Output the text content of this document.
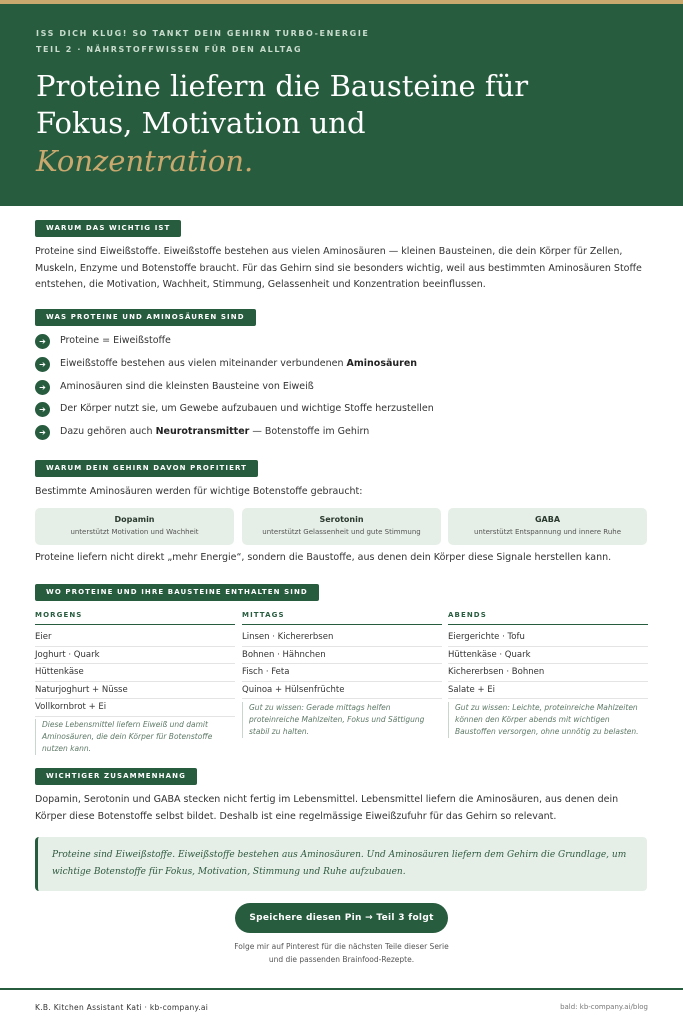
ISS DICH KLUG! SO TANKT DEIN GEHIRN TURBO-ENERGIE
TEIL 2 · NÄHRSTOFFWISSEN FÜR DEN ALLTAG
Proteine liefern die Bausteine für
Fokus, Motivation und
Konzentration.
WARUM DAS WICHTIG IST
Proteine sind Eiweißstoffe. Eiweißstoffe bestehen aus vielen Aminosäuren — kleinen Bausteinen, die dein Körper für Zellen, Muskeln, Enzyme und Botenstoffe braucht. Für das Gehirn sind sie besonders wichtig, weil aus bestimmten Aminosäuren Stoffe entstehen, die Motivation, Wachheit, Stimmung, Gelassenheit und Konzentration beeinflussen.
WAS PROTEINE UND AMINOSÄUREN SIND
➔	Proteine = Eiweißstoffe
➔	Eiweißstoffe bestehen aus vielen miteinander verbundenen Aminosäuren
➔	Aminosäuren sind die kleinsten Bausteine von Eiweiß
➔	Der Körper nutzt sie, um Gewebe aufzubauen und wichtige Stoffe herzustellen
➔	Dazu gehören auch Neurotransmitter — Botenstoffe im Gehirn
WARUM DEIN GEHIRN DAVON PROFITIERT
Bestimmte Aminosäuren werden für wichtige Botenstoffe gebraucht:
Dopamin
unterstützt Motivation und Wachheit
Serotonin
unterstützt Gelassenheit und gute Stimmung
GABA
unterstützt Entspannung und innere Ruhe
Proteine liefern nicht direkt „mehr Energie“, sondern die Baustoffe, aus denen dein Körper diese Signale herstellen kann.
WO PROTEINE UND IHRE BAUSTEINE ENTHALTEN SIND
MORGENS
Eier
Joghurt · Quark
Hüttenkäse
Naturjoghurt + Nüsse
Vollkornbrot + Ei
Diese Lebensmittel liefern Eiweiß und damit Aminosäuren, die dein Körper für Botenstoffe nutzen kann.
MITTAGS
Linsen · Kichererbsen
Bohnen · Hähnchen
Fisch · Feta
Quinoa + Hülsenfrüchte
Gut zu wissen: Gerade mittags helfen proteinreiche Mahlzeiten, Fokus und Sättigung stabil zu halten.
ABENDS
Eiergerichte · Tofu
Hüttenkäse · Quark
Kichererbsen · Bohnen
Salate + Ei
Gut zu wissen: Leichte, proteinreiche Mahlzeiten können den Körper abends mit wichtigen Baustoffen versorgen, ohne unnötig zu belasten.
WICHTIGER ZUSAMMENHANG
Dopamin, Serotonin und GABA stecken nicht fertig im Lebensmittel. Lebensmittel liefern die Aminosäuren, aus denen dein Körper diese Botenstoffe selbst bildet. Deshalb ist eine regelmässige Eiweißzufuhr für das Gehirn so relevant.
Proteine sind Eiweißstoffe. Eiweißstoffe bestehen aus Aminosäuren. Und Aminosäuren liefern dem Gehirn die Grundlage, um wichtige Botenstoffe für Fokus, Motivation, Stimmung und Ruhe aufzubauen.
Speichere diesen Pin → Teil 3 folgt
Folge mir auf Pinterest für die nächsten Teile dieser Serie
und die passenden Brainfood-Rezepte.
K.B. Kitchen Assistant Kati · kb-company.ai	bald: kb-company.ai/blog
